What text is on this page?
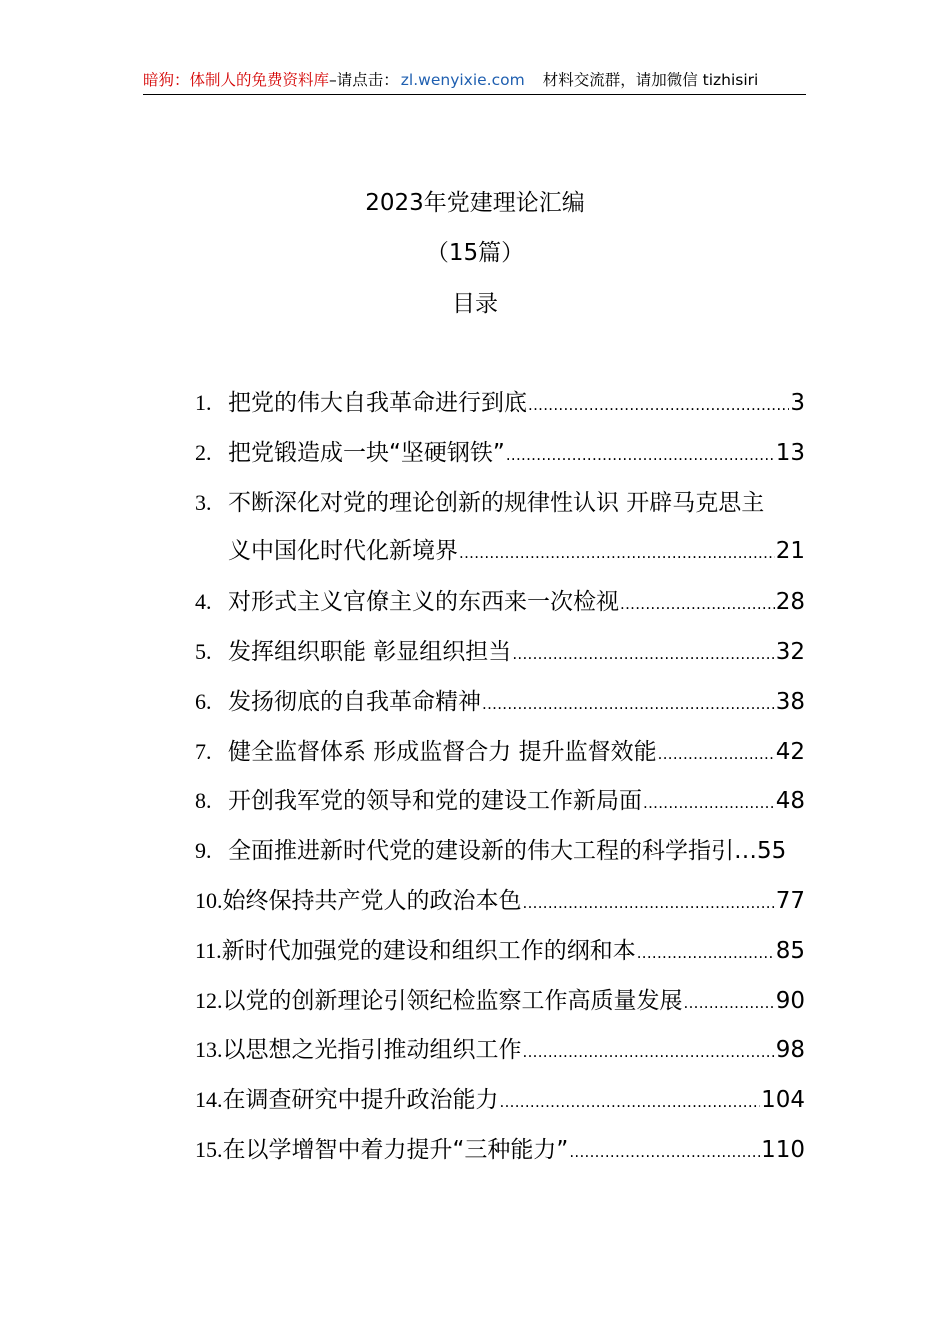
暗狗：体制人的免费资料库–请点击： zl.wenyixie.com 材料交流群，请加微信 tizhisiri
2023年党建理论汇编
（15篇）
目录
1. 把党的伟大自我革命进行到底 .....	3
2. 把党锻造成一块“坚硬钢铁” .....	13
3. 不断深化对党的理论创新的规律性认识 开辟马克思主
义中国化时代化新境界 .....	21
4. 对形式主义官僚主义的东西来一次检视 .....	28
5. 发挥组织职能 彰显组织担当 .....	32
6. 发扬彻底的自我革命精神 .....	38
7. 健全监督体系 形成监督合力 提升监督效能 .....	42
8. 开创我军党的领导和党的建设工作新局面 .....	48
9. 全面推进新时代党的建设新的伟大工程的科学指引… 55
10. 始终保持共产党人的政治本色 .....	77
11. 新时代加强党的建设和组织工作的纲和本 .....	85
12. 以党的创新理论引领纪检监察工作高质量发展 .....	90
13. 以思想之光指引推动组织工作 .....	98
14. 在调查研究中提升政治能力 .....	104
15. 在以学增智中着力提升“三种能力” .....	110
